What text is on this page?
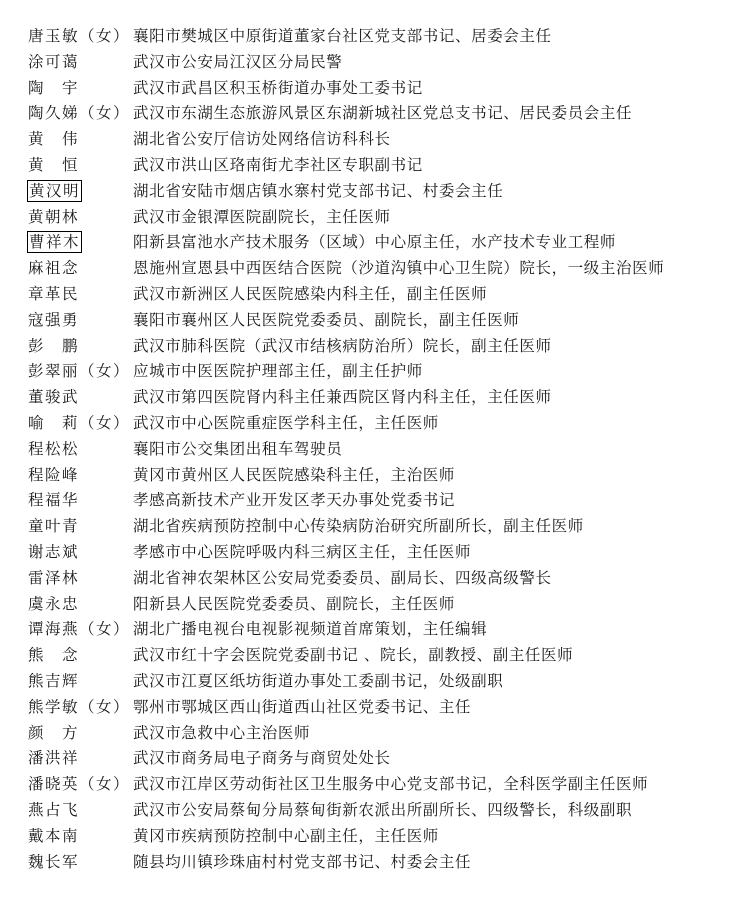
唐玉敏（女） 襄阳市樊城区中原街道董家台社区党支部书记、居委会主任
涂可蔼	武汉市公安局江汉区分局民警
陶　宇	武汉市武昌区积玉桥街道办事处工委书记
陶久娣（女） 武汉市东湖生态旅游风景区东湖新城社区党总支书记、居民委员会主任
黄　伟	湖北省公安厅信访处网络信访科科长
黄　恒	武汉市洪山区珞南街尤李社区专职副书记
黄汉明	湖北省安陆市烟店镇水寨村党支部书记、村委会主任
黄朝林	武汉市金银潭医院副院长，主任医师
曹祥木	阳新县富池水产技术服务（区域）中心原主任，水产技术专业工程师
麻祖念	恩施州宣恩县中西医结合医院（沙道沟镇中心卫生院）院长，一级主治医师
章革民	武汉市新洲区人民医院感染内科主任，副主任医师
寇强勇	襄阳市襄州区人民医院党委委员、副院长，副主任医师
彭　鹏	武汉市肺科医院（武汉市结核病防治所）院长，副主任医师
彭翠丽（女） 应城市中医医院护理部主任，副主任护师
董骏武	武汉市第四医院肾内科主任兼西院区肾内科主任，主任医师
喻　莉（女） 武汉市中心医院重症医学科主任，主任医师
程松松	襄阳市公交集团出租车驾驶员
程险峰	黄冈市黄州区人民医院感染科主任，主治医师
程福华	孝感高新技术产业开发区孝天办事处党委书记
童叶青	湖北省疾病预防控制中心传染病防治研究所副所长，副主任医师
谢志斌	孝感市中心医院呼吸内科三病区主任，主任医师
雷泽林	湖北省神农架林区公安局党委委员、副局长、四级高级警长
虞永忠	阳新县人民医院党委委员、副院长，主任医师
谭海燕（女） 湖北广播电视台电视影视频道首席策划，主任编辑
熊　念	武汉市红十字会医院党委副书记 、院长，副教授、副主任医师
熊吉辉	武汉市江夏区纸坊街道办事处工委副书记，处级副职
熊学敏（女） 鄂州市鄂城区西山街道西山社区党委书记、主任
颜　方	武汉市急救中心主治医师
潘洪祥	武汉市商务局电子商务与商贸处处长
潘晓英（女） 武汉市江岸区劳动街社区卫生服务中心党支部书记，全科医学副主任医师
燕占飞	武汉市公安局蔡甸分局蔡甸街新农派出所副所长、四级警长，科级副职
戴本南	黄冈市疾病预防控制中心副主任，主任医师
魏长军	随县均川镇珍珠庙村村党支部书记、村委会主任
